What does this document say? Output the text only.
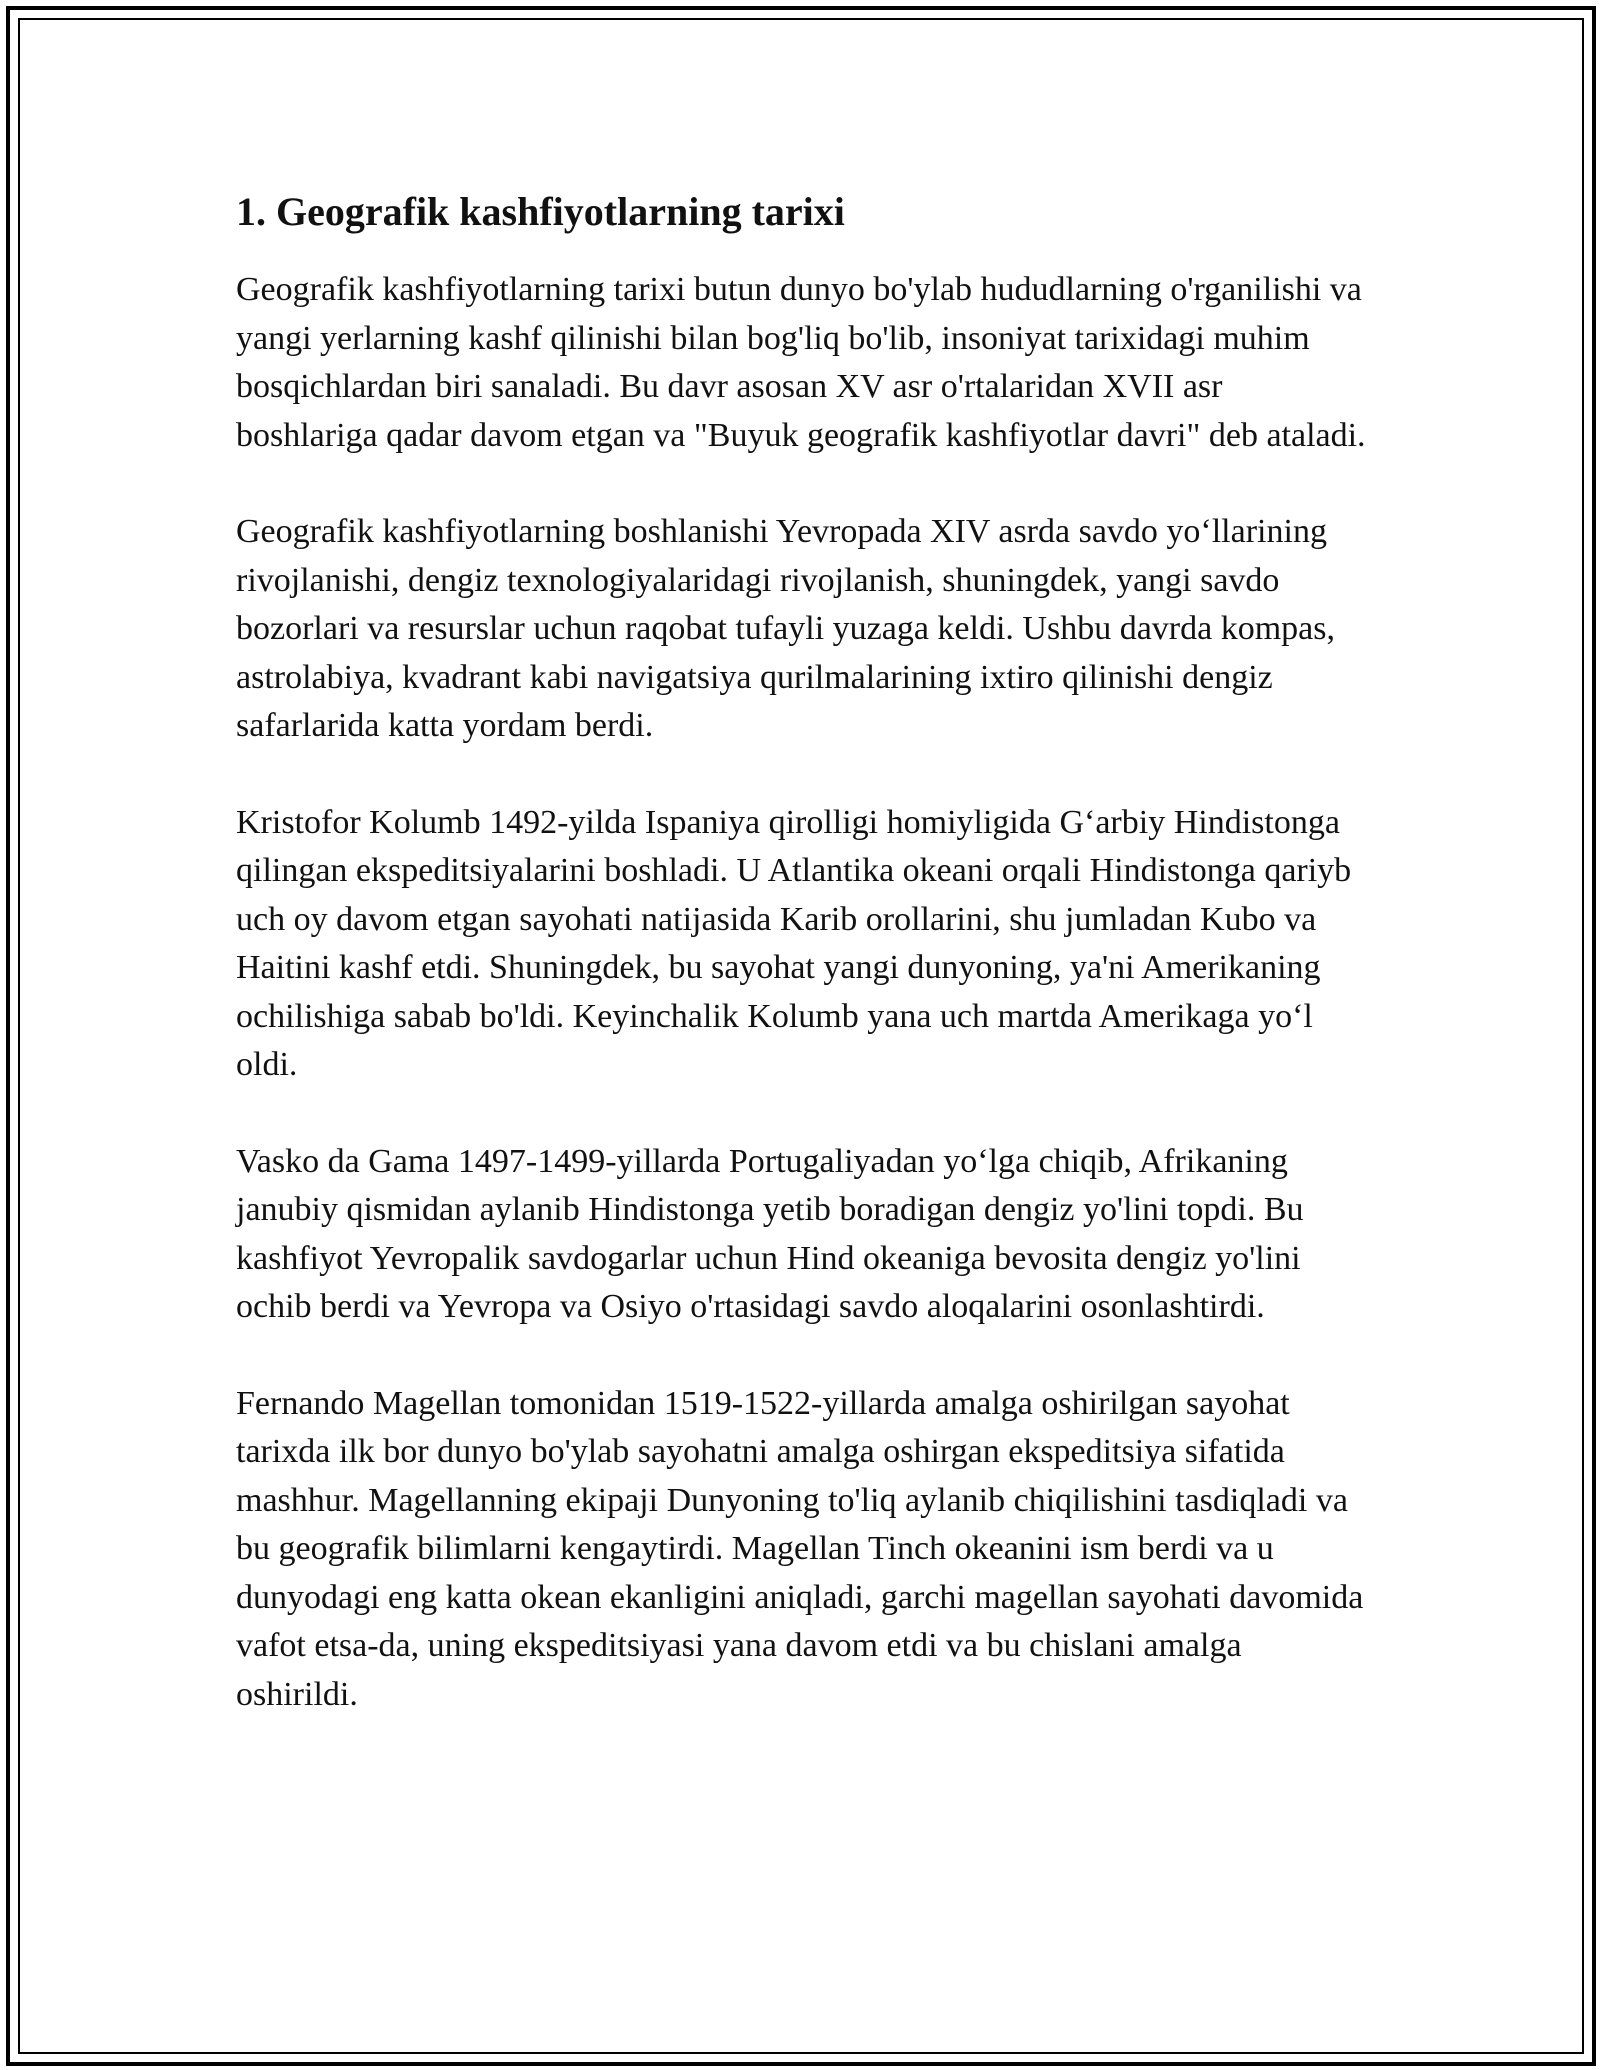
1. Geografik kashfiyotlarning tarixi

Geografik kashfiyotlarning tarixi butun dunyo bo'ylab hududlarning o'rganilishi va yangi yerlarning kashf qilinishi bilan bog'liq bo'lib, insoniyat tarixidagi muhim bosqichlardan biri sanaladi. Bu davr asosan XV asr o'rtalaridan XVII asr boshlariga qadar davom etgan va "Buyuk geografik kashfiyotlar davri" deb ataladi.

Geografik kashfiyotlarning boshlanishi Yevropada XIV asrda savdo yo‘llarining rivojlanishi, dengiz texnologiyalaridagi rivojlanish, shuningdek, yangi savdo bozorlari va resurslar uchun raqobat tufayli yuzaga keldi. Ushbu davrda kompas, astrolabiya, kvadrant kabi navigatsiya qurilmalarining ixtiro qilinishi dengiz safarlarida katta yordam berdi.

Kristofor Kolumb 1492-yilda Ispaniya qirolligi homiyligida G‘arbiy Hindistonga qilingan ekspeditsiyalarini boshladi. U Atlantika okeani orqali Hindistonga qariyb uch oy davom etgan sayohati natijasida Karib orollarini, shu jumladan Kubo va Haitini kashf etdi. Shuningdek, bu sayohat yangi dunyoning, ya'ni Amerikaning ochilishiga sabab bo'ldi. Keyinchalik Kolumb yana uch martda Amerikaga yo‘l oldi.

Vasko da Gama 1497-1499-yillarda Portugaliyadan yo‘lga chiqib, Afrikaning janubiy qismidan aylanib Hindistonga yetib boradigan dengiz yo'lini topdi. Bu kashfiyot Yevropalik savdogarlar uchun Hind okeaniga bevosita dengiz yo'lini ochib berdi va Yevropa va Osiyo o'rtasidagi savdo aloqalarini osonlashtirdi.

Fernando Magellan tomonidan 1519-1522-yillarda amalga oshirilgan sayohat tarixda ilk bor dunyo bo'ylab sayohatni amalga oshirgan ekspeditsiya sifatida mashhur. Magellanning ekipaji Dunyoning to'liq aylanib chiqilishini tasdiqladi va bu geografik bilimlarni kengaytirdi. Magellan Tinch okeanini ism berdi va u dunyodagi eng katta okean ekanligini aniqladi, garchi magellan sayohati davomida vafot etsa-da, uning ekspeditsiyasi yana davom etdi va bu chislani amalga oshirildi.
